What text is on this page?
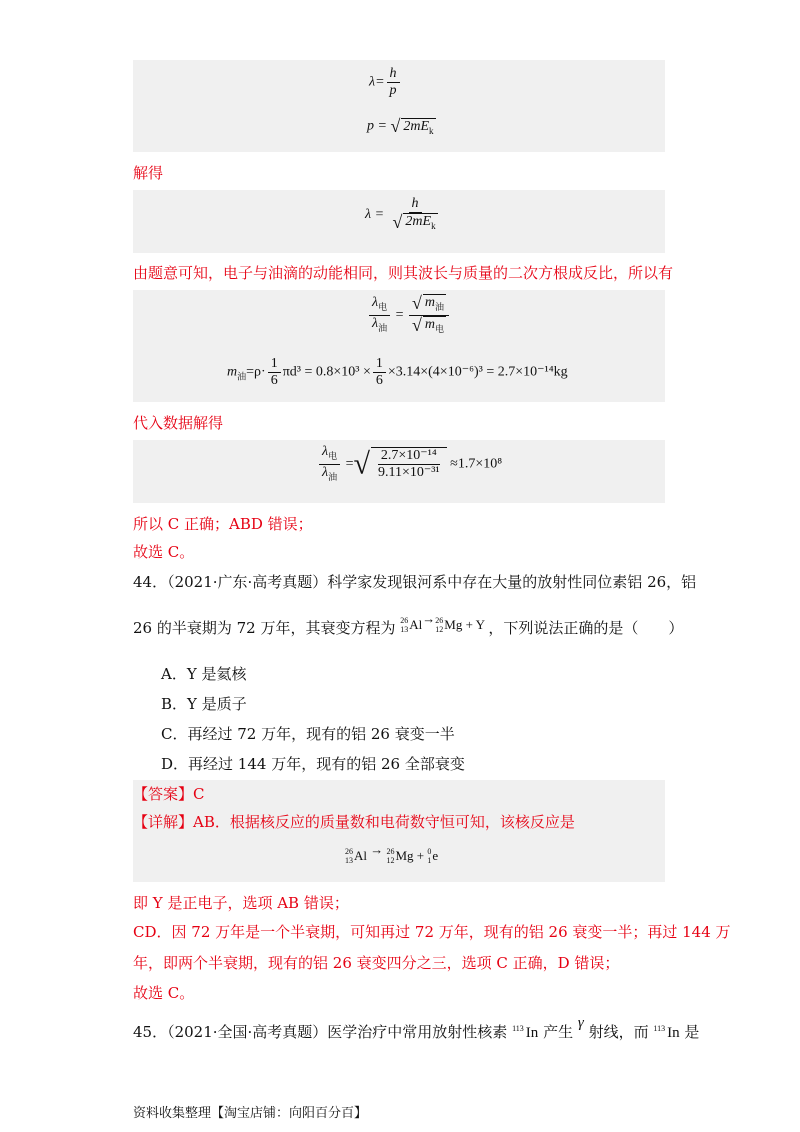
$\lambda= \frac{h}{p}$
p = √ $2mE_k$
解得
$\lambda = \frac{h}{√ 2mE_k}$
由题意可知，电子与油滴的动能相同，则其波长与质量的二次方根成反比，所以有
$\frac{\lambda_电}{\lambda_油} = \frac{√ m_油}{√ m_电}$
$m_油=\rho\cdot \frac{1}{6} \pi d^3 = 0.8\times 10^3 \times \frac{1}{6} \times 3.14\times(4\times 10^{-6})^3 = 2.7\times 10^{-14}kg$
代入数据解得
$\frac{\lambda_电}{\lambda_油}$ =√ $\frac{\text{2.7×10⁻¹⁴}}{\text{9.11×10⁻³¹}} \approx 1.7\times 10^8$
所以 C 正确；ABD 错误；
故选 C。
44．（2021·广东·高考真题）科学家发现银河系中存在大量的放射性同位素铝 26，铝
26 的半衰期为 72 万年，其衰变方程为 26
13 Al → 26
12 Mg + Y ，下列说法正确的是（　　）
A．Y 是氦核
B．Y 是质子
C．再经过 72 万年，现有的铝 26 衰变一半
D．再经过 144 万年，现有的铝 26 全部衰变
【答案】C
【详解】AB．根据核反应的质量数和电荷数守恒可知，该核反应是
26
13 Al → 26
12 Mg +
0
1 e
即 Y 是正电子，选项 AB 错误；
CD．因 72 万年是一个半衰期，可知再过 72 万年，现有的铝 26 衰变一半；再过 144 万
年，即两个半衰期，现有的铝 26 衰变四分之三，选项 C 正确，D 错误；
故选 C。
45．（2021·全国·高考真题）医学治疗中常用放射性核素 113
In 产生 γ 射线，而 113
In 是
资料收集整理【淘宝店铺：向阳百分百】
